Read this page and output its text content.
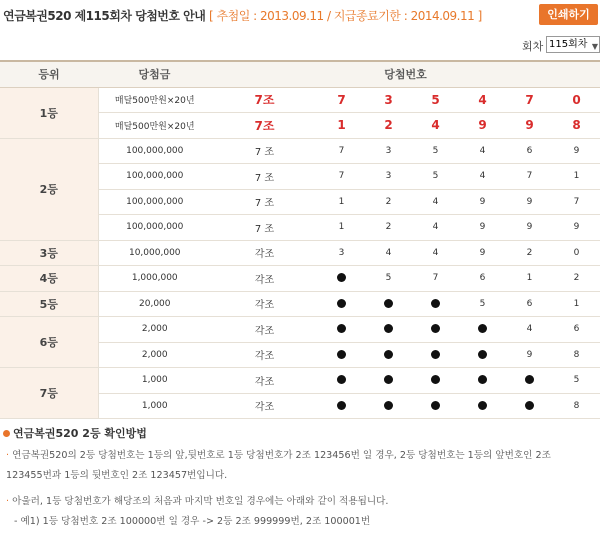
연금복권520 제115회차 당첨번호 안내 [ 추첨일 : 2013.09.11 / 지급종료기한 : 2014.09.11 ]	인쇄하기
회차 115회차 ▼
등위	당첨금	당첨번호						
1등	매달500만원×20년	7조	7	3	5	4	7	0
	매달500만원×20년	7조	1	2	4	9	9	8
2등	100,000,000	7 조	7	3	5	4	6	9
	100,000,000	7 조	7	3	5	4	7	1
	100,000,000	7 조	1	2	4	9	9	7
	100,000,000	7 조	1	2	4	9	9	9
3등	10,000,000	각조	3	4	4	9	2	0
4등	1,000,000	각조		5	7	6	1	2
5등	20,000	각조				5	6	1
6등	2,000	각조					4	6
	2,000	각조					9	8
7등	1,000	각조						5
	1,000	각조						8
연금복권520 2등 확인방법
· 연금복권520의 2등 당첨번호는 1등의 앞,뒷번호로 1등 당첨번호가 2조 123456번 일 경우, 2등 당첨번호는 1등의 앞번호인 2조
123455번과 1등의 뒷번호인 2조 123457번입니다.
· 아울러, 1등 당첨번호가 해당조의 처음과 마지막 번호일 경우에는 아래와 같이 적용됩니다.
- 예1) 1등 당첨번호 2조 100000번 일 경우 -> 2등 2조 999999번, 2조 100001번
